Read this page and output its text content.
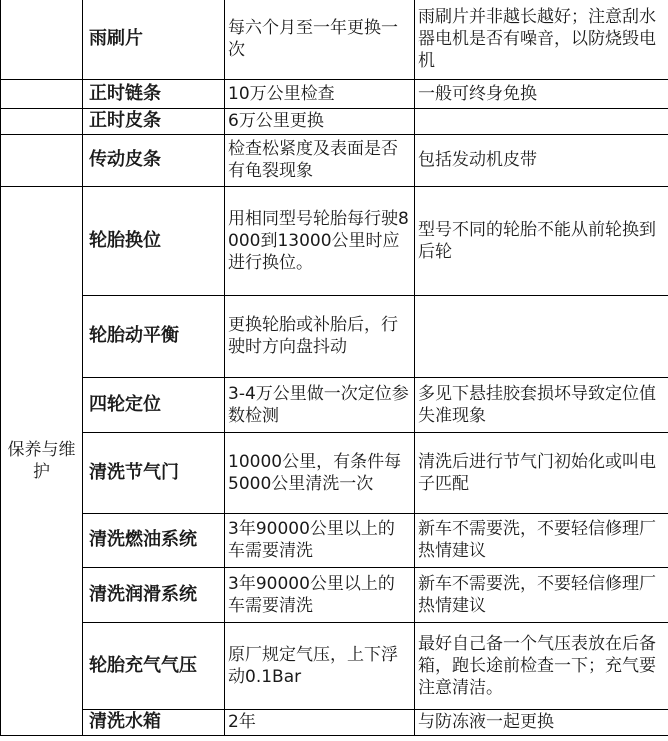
	雨刷片	每六个月至一年更换一次	雨刷片并非越长越好；注意刮水器电机是否有噪音，以防烧毁电机
	正时链条	10万公里检查	一般可终身免换
	正时皮条	6万公里更换	
	传动皮条	检查松紧度及表面是否有龟裂现象	包括发动机皮带
保养与维护	轮胎换位	用相同型号轮胎每行驶8000到13000公里时应进行换位。	型号不同的轮胎不能从前轮换到后轮
	轮胎动平衡	更换轮胎或补胎后，行驶时方向盘抖动	
	四轮定位	3-4万公里做一次定位参数检测	多见下悬挂胶套损坏导致定位值失准现象
	清洗节气门	10000公里，有条件每5000公里清洗一次	清洗后进行节气门初始化或叫电子匹配
	清洗燃油系统	3年90000公里以上的车需要清洗	新车不需要洗，不要轻信修理厂热情建议
	清洗润滑系统	3年90000公里以上的车需要清洗	新车不需要洗，不要轻信修理厂热情建议
	轮胎充气气压	原厂规定气压，上下浮动0.1Bar	最好自己备一个气压表放在后备箱，跑长途前检查一下；充气要注意清洁。
	清洗水箱	2年	与防冻液一起更换
